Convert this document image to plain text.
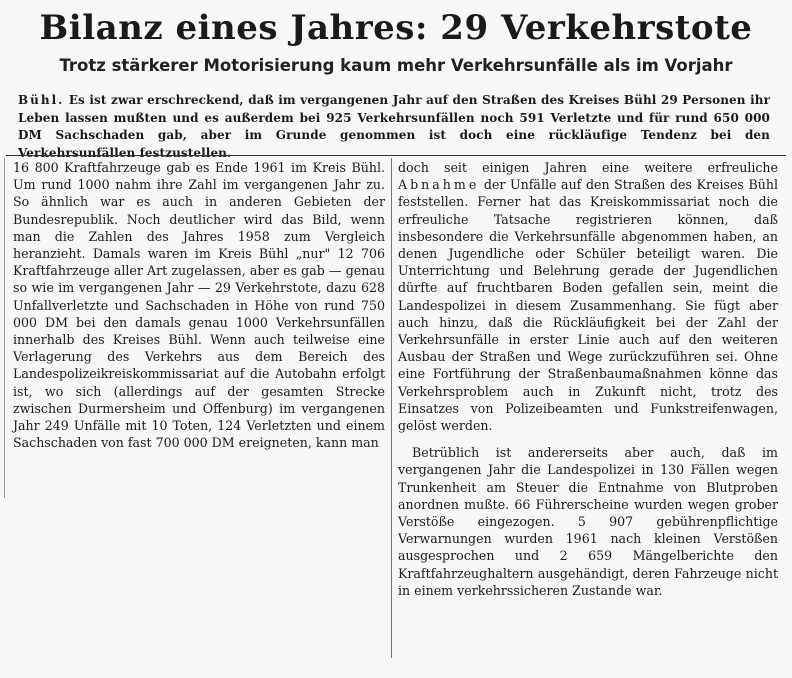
Bilanz eines Jahres: 29 Verkehrstote
Trotz stärkerer Motorisierung kaum mehr Verkehrsunfälle als im Vorjahr
Bühl. Es ist zwar erschreckend, daß im vergangenen Jahr auf den Straßen des Kreises Bühl 29 Personen ihr Leben lassen mußten und es außerdem bei 925 Verkehrsunfällen noch 591 Verletzte und für rund 650 000 DM Sachschaden gab, aber im Grunde genommen ist doch eine rückläufige Tendenz bei den Verkehrsunfällen festzustellen.

16 800 Kraftfahrzeuge gab es Ende 1961 im Kreis Bühl. Um rund 1000 nahm ihre Zahl im vergangenen Jahr zu. So ähnlich war es auch in anderen Gebieten der Bundesrepublik. Noch deutlicher wird das Bild, wenn man die Zahlen des Jahres 1958 zum Vergleich heranzieht. Damals waren im Kreis Bühl „nur" 12 706 Kraftfahrzeuge aller Art zugelassen, aber es gab — genau so wie im vergangenen Jahr — 29 Verkehrstote, dazu 628 Unfallverletzte und Sachschaden in Höhe von rund 750 000 DM bei den damals genau 1000 Verkehrsunfällen innerhalb des Kreises Bühl. Wenn auch teilweise eine Verlagerung des Verkehrs aus dem Bereich des Landespolizeikreiskommissariat auf die Autobahn erfolgt ist, wo sich (allerdings auf der gesamten Strecke zwischen Durmersheim und Offenburg) im vergangenen Jahr 249 Unfälle mit 10 Toten, 124 Verletzten und einem Sachschaden von fast 700 000 DM ereigneten, kann man

doch seit einigen Jahren eine weitere erfreuliche Abnahme der Unfälle auf den Straßen des Kreises Bühl feststellen. Ferner hat das Kreiskommissariat noch die erfreuliche Tatsache registrieren können, daß insbesondere die Verkehrsunfälle abgenommen haben, an denen Jugendliche oder Schüler beteiligt waren. Die Unterrichtung und Belehrung gerade der Jugendlichen dürfte auf fruchtbaren Boden gefallen sein, meint die Landespolizei in diesem Zusammenhang. Sie fügt aber auch hinzu, daß die Rückläufigkeit bei der Zahl der Verkehrsunfälle in erster Linie auch auf den weiteren Ausbau der Straßen und Wege zurückzuführen sei. Ohne eine Fortführung der Straßenbaumaßnahmen könne das Verkehrsproblem auch in Zukunft nicht, trotz des Einsatzes von Polizeibeamten und Funkstreifenwagen, gelöst werden.

Betrüblich ist andererseits aber auch, daß im vergangenen Jahr die Landespolizei in 130 Fällen wegen Trunkenheit am Steuer die Entnahme von Blutproben anordnen mußte. 66 Führerscheine wurden wegen grober Verstöße eingezogen. 5 907 gebührenpflichtige Verwarnungen wurden 1961 nach kleinen Verstößen ausgesprochen und 2 659 Mängelberichte den Kraftfahrzeughaltern ausgehändigt, deren Fahrzeuge nicht in einem verkehrssicheren Zustande war.
